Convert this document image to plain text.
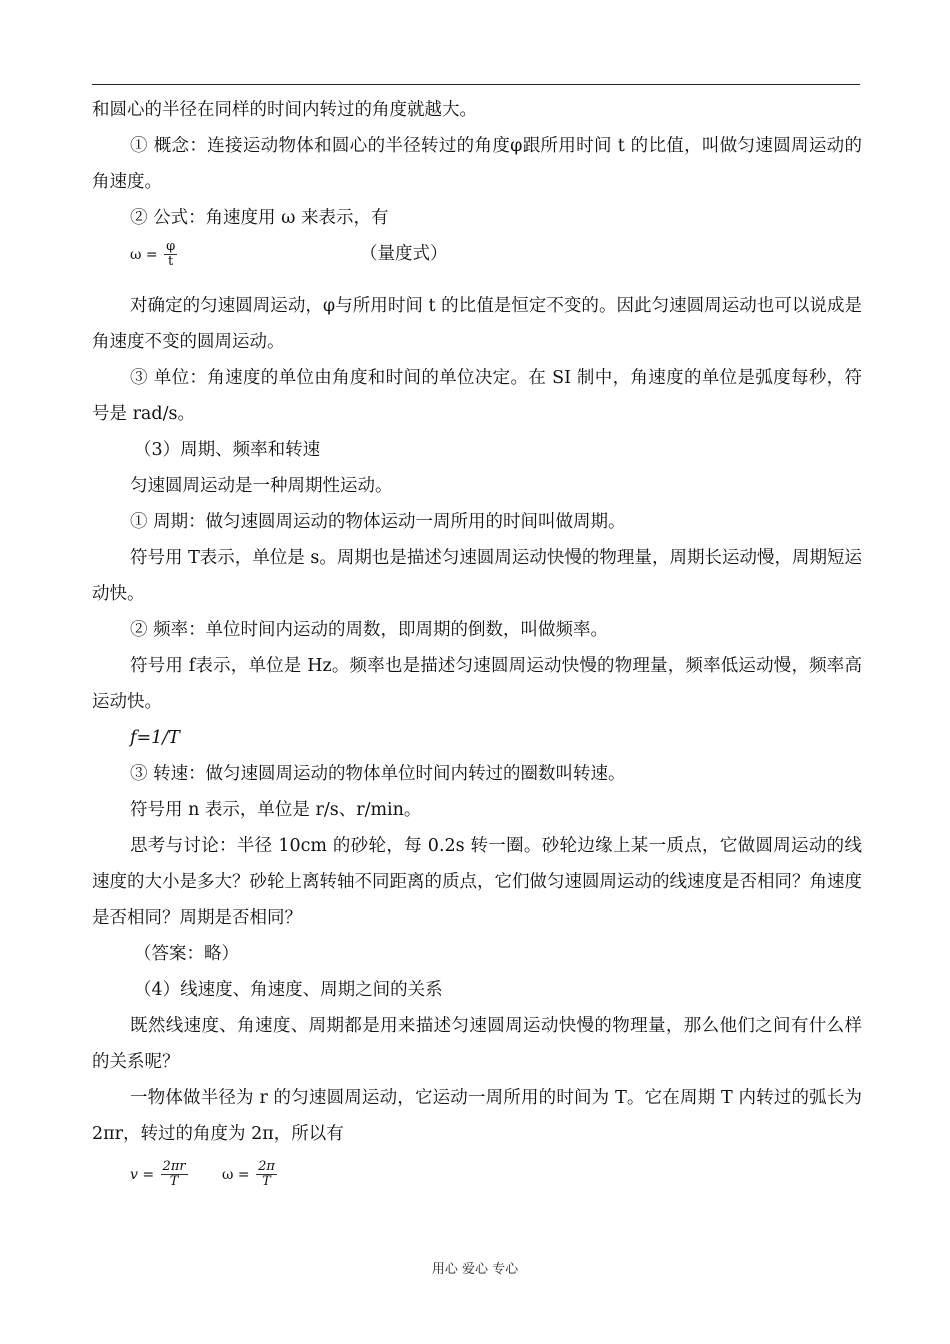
和圆心的半径在同样的时间内转过的角度就越大。

① 概念：连接运动物体和圆心的半径转过的角度φ跟所用时间 t 的比值，叫做匀速圆周运动的角速度。

② 公式：角速度用 ω 来表示，有

$\omega = \frac{\varphi}{t}$	（量度式）

对确定的匀速圆周运动，φ与所用时间 t 的比值是恒定不变的。因此匀速圆周运动也可以说成是角速度不变的圆周运动。

③ 单位：角速度的单位由角度和时间的单位决定。在 SI 制中，角速度的单位是弧度每秒，符号是 rad/s。

（3）周期、频率和转速

匀速圆周运动是一种周期性运动。

① 周期：做匀速圆周运动的物体运动一周所用的时间叫做周期。

符号用 T表示，单位是 s。周期也是描述匀速圆周运动快慢的物理量，周期长运动慢，周期短运动快。

② 频率：单位时间内运动的周数，即周期的倒数，叫做频率。

符号用 f表示，单位是 Hz。频率也是描述匀速圆周运动快慢的物理量，频率低运动慢，频率高运动快。

f=1/T

③ 转速：做匀速圆周运动的物体单位时间内转过的圈数叫转速。

符号用 n 表示，单位是 r/s、r/min。

思考与讨论：半径 10cm 的砂轮，每 0.2s 转一圈。砂轮边缘上某一质点，它做圆周运动的线速度的大小是多大？砂轮上离转轴不同距离的质点，它们做匀速圆周运动的线速度是否相同？角速度是否相同？周期是否相同？

（答案：略）

（4）线速度、角速度、周期之间的关系

既然线速度、角速度、周期都是用来描述匀速圆周运动快慢的物理量，那么他们之间有什么样的关系呢？

一物体做半径为 r 的匀速圆周运动，它运动一周所用的时间为 T。它在周期 T 内转过的弧长为 2πr，转过的角度为 2π，所以有

$v = \frac{2\pi r}{T}$ $\omega = \frac{2\pi}{T}$
用心 爱心 专心
